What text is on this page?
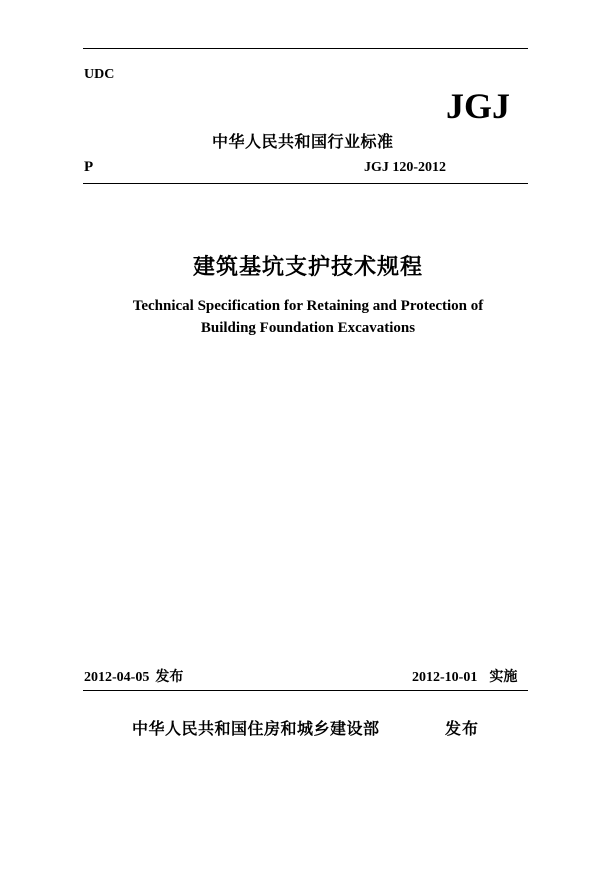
UDC
JGJ
中华人民共和国行业标准
P	JGJ 120-2012
建筑基坑支护技术规程
Technical Specification for Retaining and Protection of
Building Foundation Excavations
2012-04-05 发布	2012-10-01 实施
中华人民共和国住房和城乡建设部	发布
